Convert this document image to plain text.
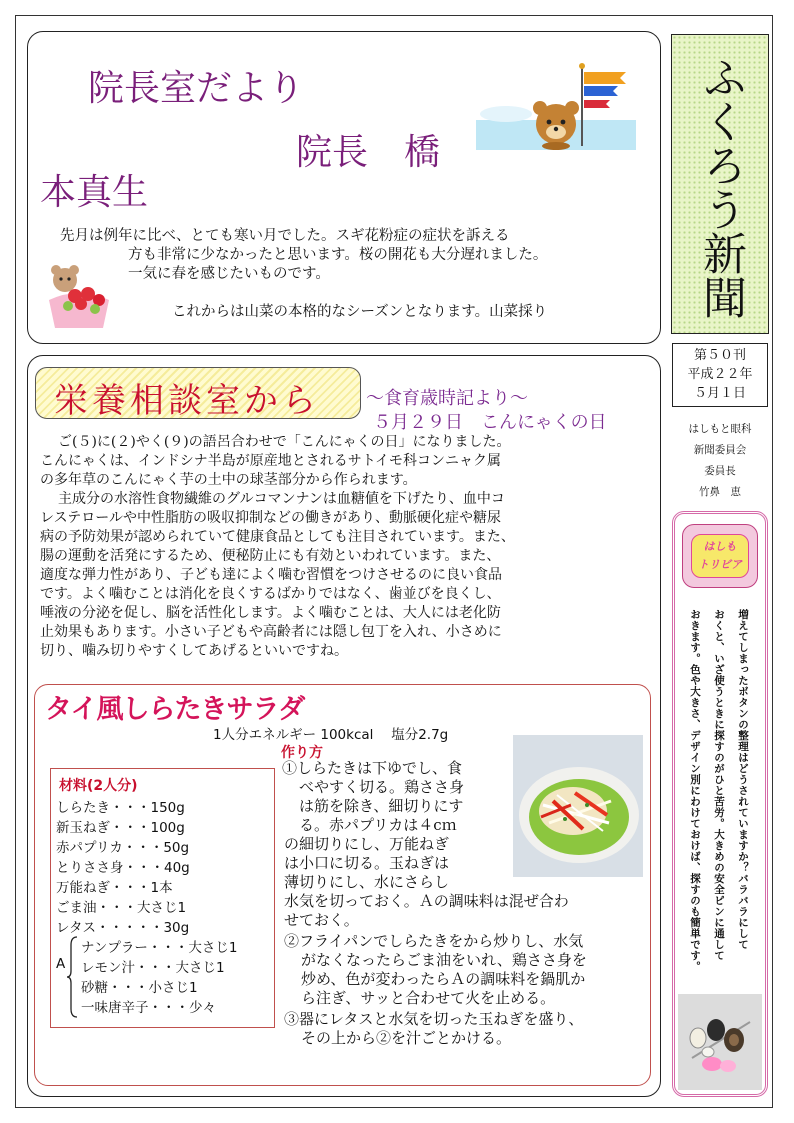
院長室だより
院長　橋
本真生
先月は例年に比べ、とても寒い月でした。スギ花粉症の症状を訴える
方も非常に少なかったと思います。桜の開花も大分遅れました。
一気に春を感じたいものです。
これからは山菜の本格的なシーズンとなります。山菜採り	ふくろう新聞
第５０刊
平成２２年
５月１日
はしもと眼科
新聞委員会
委員長
竹鼻　恵
栄養相談室から	～食育歳時記より～
５月２９日　こんにゃくの日
ご(５)に(２)やく(９)の語呂合わせで「こんにゃくの日」になりました。
こんにゃくは、インドシナ半島が原産地とされるサトイモ科コンニャク属
の多年草のこんにゃく芋の土中の球茎部分から作られます。
主成分の水溶性食物繊維のグルコマンナンは血糖値を下げたり、血中コ
レステロールや中性脂肪の吸収抑制などの働きがあり、動脈硬化症や糖尿
病の予防効果が認められていて健康食品としても注目されています。また、
腸の運動を活発にするため、便秘防止にも有効といわれています。また、
適度な弾力性があり、子ども達によく噛む習慣をつけさせるのに良い食品
です。よく噛むことは消化を良くするばかりではなく、歯並びを良くし、
唾液の分泌を促し、脳を活性化します。よく噛むことは、大人には老化防
止効果もあります。小さい子どもや高齢者には隠し包丁を入れ、小さめに
切り、噛み切りやすくしてあげるといいですね。
タイ風しらたきサラダ
1人分エネルギー 100kcal　 塩分2.7g
作り方
材料(2人分)
しらたき・・・150g
新玉ねぎ・・・100g
赤パプリカ・・・50g
とりささ身・・・40g
万能ねぎ・・・1本
ごま油・・・大さじ1
レタス・・・・・30g
A
ナンプラー・・・大さじ1
レモン汁・・・大さじ1
砂糖・・・小さじ1
一味唐辛子・・・少々
①しらたきは下ゆでし、食
べやすく切る。鶏ささ身
は筋を除き、細切りにす
る。赤パプリカは４cｍ
の細切りにし、万能ねぎ
は小口に切る。玉ねぎは
薄切りにし、水にさらし
水気を切っておく。Ａの調味料は混ぜ合わ
せておく。
②フライパンでしらたきをから炒りし、水気
がなくなったらごま油をいれ、鶏ささ身を
炒め、色が変わったらＡの調味料を鍋肌か
ら注ぎ、サッと合わせて火を止める。
③器にレタスと水気を切った玉ねぎを盛り、
その上から②を汁ごとかける。
はしも
トリビア
増えてしまったボタンの整理はどうされていますか？バラバラにして
おくと、いざ使うときに探すのがひと苦労。大きめの安全ピンに通して
おきます。色や大きさ、デザイン別にわけておけば、探すのも簡単です。
